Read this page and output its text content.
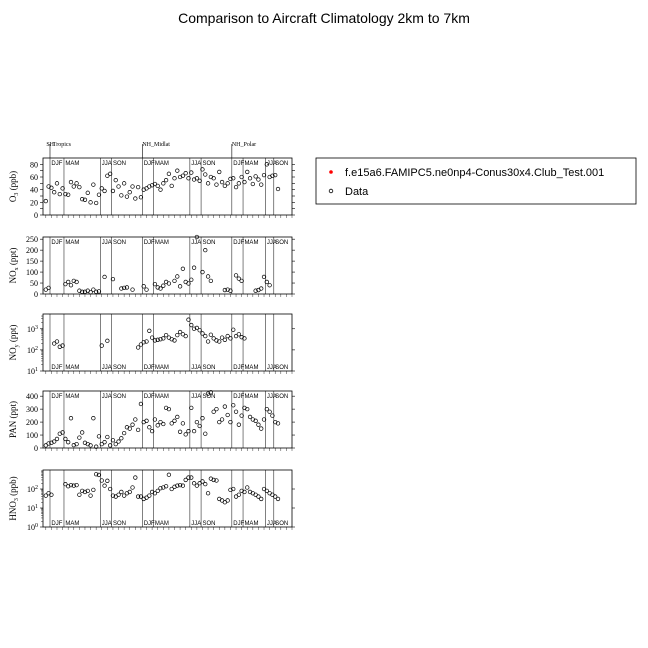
Comparison to Aircraft Climatology 2km to 7km
DJF MAM	JJA SON	DJF MAM	JJA SON	DJF MAM JJA
SON
SH
Tropics	NH_Midlat	NH_Polar
0
20
40
60
80
$O_3$ (ppb)
DJF MAM	JJA SON	DJF MAM	JJA SON	DJF MAM JJA
SON
0
50
100
150
200
250
$NO_x$ (ppt)
DJF MAM	JJA SON	DJF MAM	JJA SON	DJF MAM JJA
SON
$10^1$
$10^2$
$10^3$
$NO_y$ (ppt)
DJF MAM	JJA SON	DJF MAM	JJA SON	DJF MAM JJA
SON
0
100
200
300
400
PAN (ppt)
DJF MAM	JJA SON	DJF MAM	JJA SON	DJF MAM JJA
SON
$10^0$
$10^1$
$10^2$
$HNO_3$ (ppb)
f.e15a6.FAMIPC5.ne0np4-Conus30x4.Club_Test.001
Data
